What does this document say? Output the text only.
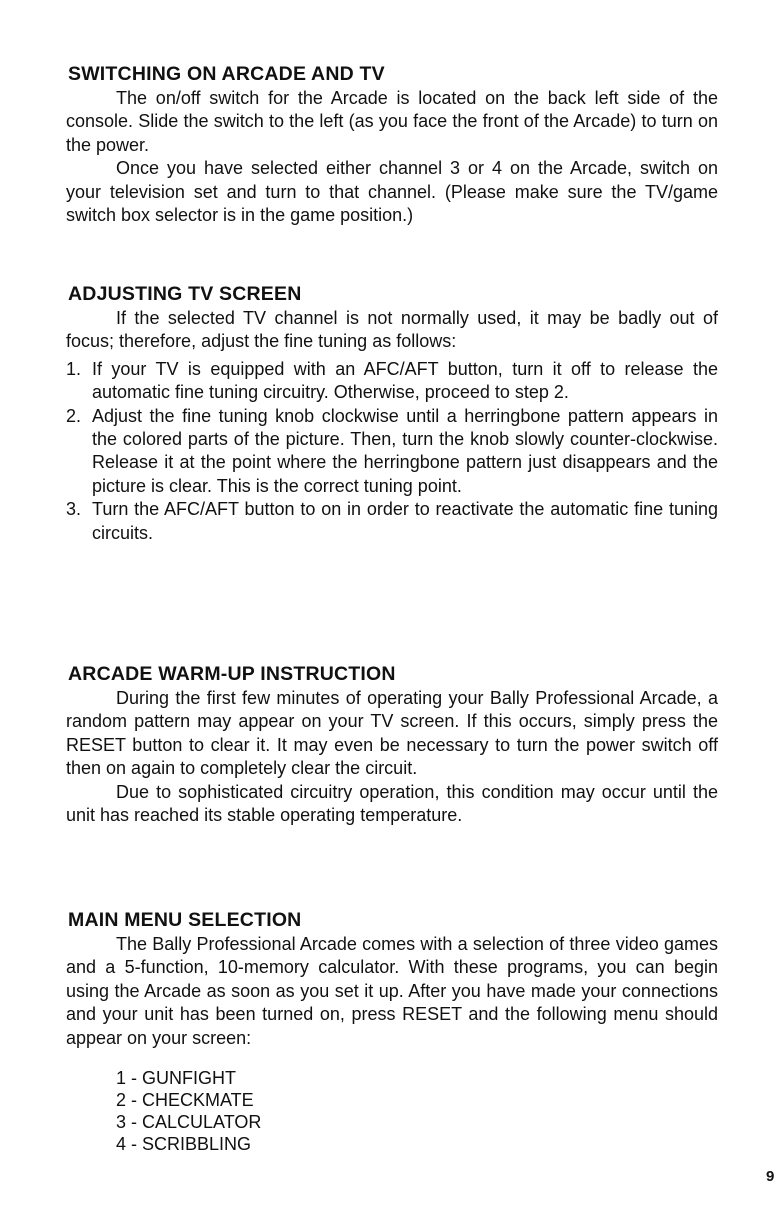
SWITCHING ON ARCADE AND TV

The on/off switch for the Arcade is located on the back left side of the console. Slide the switch to the left (as you face the front of the Arcade) to turn on the power.

Once you have selected either channel 3 or 4 on the Arcade, switch on your television set and turn to that channel. (Please make sure the TV/game switch box selector is in the game position.)

ADJUSTING TV SCREEN

If the selected TV channel is not normally used, it may be badly out of focus; therefore, adjust the fine tuning as follows:

1. If your TV is equipped with an AFC/AFT button, turn it off to release the automatic fine tuning circuitry. Otherwise, proceed to step 2.
2. Adjust the fine tuning knob clockwise until a herringbone pattern appears in the colored parts of the picture. Then, turn the knob slowly counter-clockwise. Release it at the point where the herringbone pattern just disappears and the picture is clear. This is the correct tuning point.
3. Turn the AFC/AFT button to on in order to reactivate the automatic fine tuning circuits.
ARCADE WARM-UP INSTRUCTION

During the first few minutes of operating your Bally Professional Arcade, a random pattern may appear on your TV screen. If this occurs, simply press the RESET button to clear it. It may even be necessary to turn the power switch off then on again to completely clear the circuit.

Due to sophisticated circuitry operation, this condition may occur until the unit has reached its stable operating temperature.

MAIN MENU SELECTION

The Bally Professional Arcade comes with a selection of three video games and a 5-function, 10-memory calculator. With these programs, you can begin using the Arcade as soon as you set it up. After you have made your connections and your unit has been turned on, press RESET and the following menu should appear on your screen:

1 - GUNFIGHT
2 - CHECKMATE
3 - CALCULATOR
4 - SCRIBBLING
9
